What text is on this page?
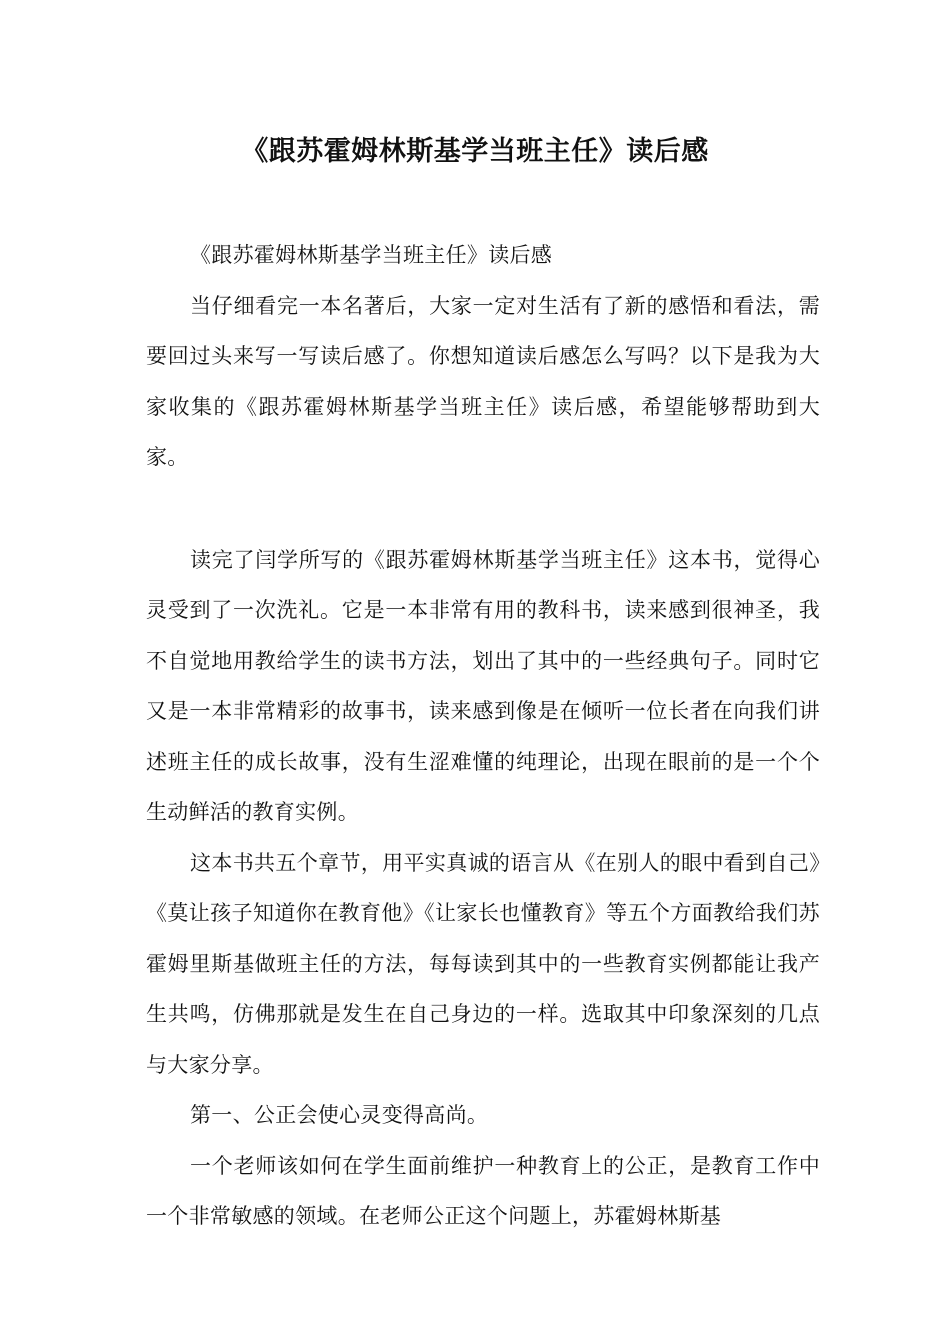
《跟苏霍姆林斯基学当班主任》读后感

《跟苏霍姆林斯基学当班主任》读后感

当仔细看完一本名著后，大家一定对生活有了新的感悟和看法，需要回过头来写一写读后感了。你想知道读后感怎么写吗？以下是我为大家收集的《跟苏霍姆林斯基学当班主任》读后感，希望能够帮助到大家。

读完了闫学所写的《跟苏霍姆林斯基学当班主任》这本书，觉得心灵受到了一次洗礼。它是一本非常有用的教科书，读来感到很神圣，我不自觉地用教给学生的读书方法，划出了其中的一些经典句子。同时它又是一本非常精彩的故事书，读来感到像是在倾听一位长者在向我们讲述班主任的成长故事，没有生涩难懂的纯理论，出现在眼前的是一个个生动鲜活的教育实例。

这本书共五个章节，用平实真诚的语言从《在别人的眼中看到自己》《莫让孩子知道你在教育他》《让家长也懂教育》等五个方面教给我们苏霍姆里斯基做班主任的方法，每每读到其中的一些教育实例都能让我产生共鸣，仿佛那就是发生在自己身边的一样。选取其中印象深刻的几点与大家分享。

第一、公正会使心灵变得高尚。

一个老师该如何在学生面前维护一种教育上的公正，是教育工作中一个非常敏感的领域。在老师公正这个问题上，苏霍姆林斯基
